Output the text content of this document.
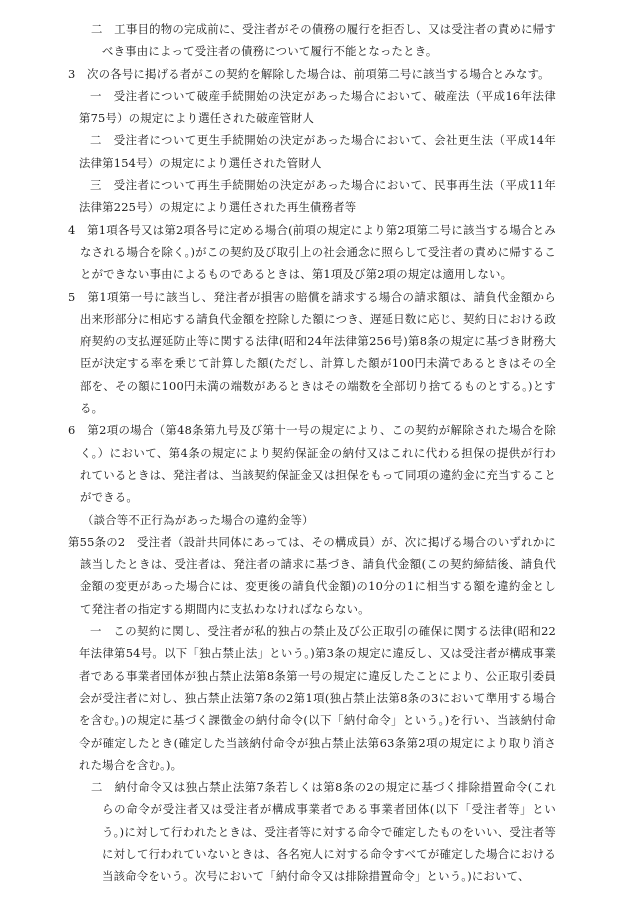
二　 工事目的物の完成前に、受注者がその債務の履行を拒否し、又は受注者の責めに帰すべき事由によって受注者の債務について履行不能となったとき。
3　 次の各号に掲げる者がこの契約を解除した場合は、前項第二号に該当する場合とみなす。
一　 受注者について破産手続開始の決定があった場合において、破産法（平成16年法律第75号）の規定により選任された破産管財人
二　 受注者について更生手続開始の決定があった場合において、会社更生法（平成14年法律第154号）の規定により選任された管財人
三　 受注者について再生手続開始の決定があった場合において、民事再生法（平成11年法律第225号）の規定により選任された再生債務者等
4　 第1項各号又は第2項各号に定める場合(前項の規定により第2項第二号に該当する場合とみなされる場合を除く。)がこの契約及び取引上の社会通念に照らして受注者の責めに帰することができない事由によるものであるときは、第1項及び第2項の規定は適用しない。
5　 第1項第一号に該当し、発注者が損害の賠償を請求する場合の請求額は、請負代金額から出来形部分に相応する請負代金額を控除した額につき、遅延日数に応じ、契約日における政府契約の支払遅延防止等に関する法律(昭和24年法律第256号)第8条の規定に基づき財務大臣が決定する率を乗じて計算した額(ただし、計算した額が100円未満であるときはその全部を、その額に100円未満の端数があるときはその端数を全部切り捨てるものとする。)とする。
6　 第2項の場合（第48条第九号及び第十一号の規定により、この契約が解除された場合を除く。）において、第4条の規定により契約保証金の納付又はこれに代わる担保の提供が行われているときは、発注者は、当該契約保証金又は担保をもって同項の違約金に充当することができる。
（談合等不正行為があった場合の違約金等）
第55条の2　 受注者（設計共同体にあっては、その構成員）が、次に掲げる場合のいずれかに該当したときは、受注者は、発注者の請求に基づき、請負代金額(この契約締結後、請負代金額の変更があった場合には、変更後の請負代金額)の10分の1に相当する額を違約金として発注者の指定する期間内に支払わなければならない。
一　 この契約に関し、受注者が私的独占の禁止及び公正取引の確保に関する法律(昭和22年法律第54号。以下「独占禁止法」という。)第3条の規定に違反し、又は受注者が構成事業者である事業者団体が独占禁止法第8条第一号の規定に違反したことにより、公正取引委員会が受注者に対し、独占禁止法第7条の2第1項(独占禁止法第8条の3において準用する場合を含む。)の規定に基づく課徴金の納付命令(以下「納付命令」という。)を行い、当該納付命令が確定したとき(確定した当該納付命令が独占禁止法第63条第2項の規定により取り消された場合を含む。)。
二　 納付命令又は独占禁止法第7条若しくは第8条の2の規定に基づく排除措置命令(これらの命令が受注者又は受注者が構成事業者である事業者団体(以下「受注者等」という。)に対して行われたときは、受注者等に対する命令で確定したものをいい、受注者等に対して行われていないときは、各名宛人に対する命令すべてが確定した場合における当該命令をいう。次号において「納付命令又は排除措置命令」という。)において、
